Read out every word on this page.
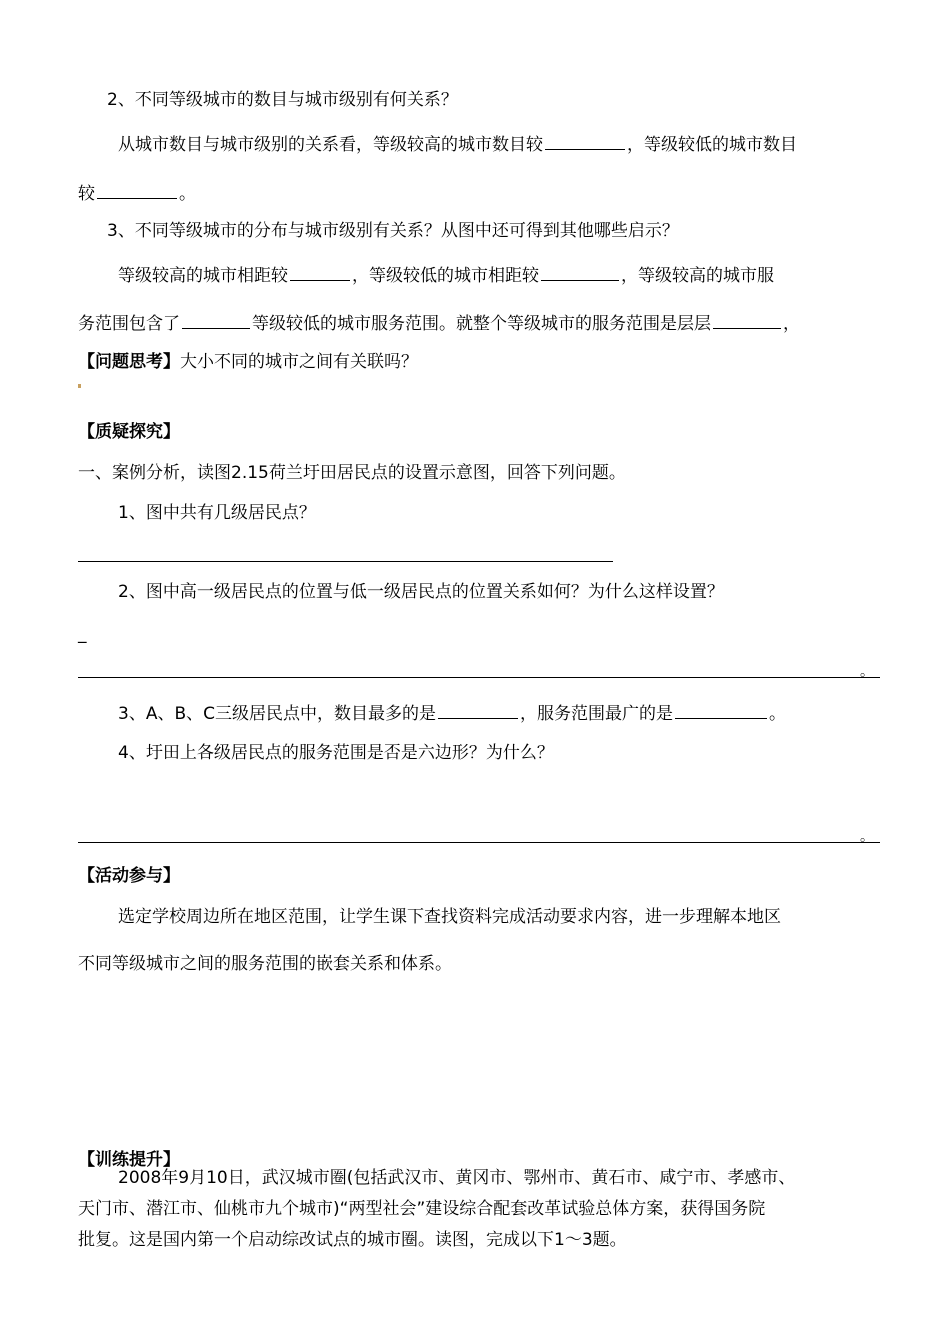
2、不同等级城市的数目与城市级别有何关系？
从城市数目与城市级别的关系看，等级较高的城市数目较	，等级较低的城市数目
较	。
3、不同等级城市的分布与城市级别有关系？从图中还可得到其他哪些启示？
等级较高的城市相距较	，等级较低的城市相距较	，等级较高的城市服
务范围包含了	等级较低的城市服务范围。就整个等级城市的服务范围是层层	，
【问题思考】大小不同的城市之间有关联吗？
【质疑探究】
一、案例分析，读图2.15荷兰圩田居民点的设置示意图，回答下列问题。
1、图中共有几级居民点？
2、图中高一级居民点的位置与低一级居民点的位置关系如何？为什么这样设置？
_
。
3、A、B、C三级居民点中，数目最多的是	，服务范围最广的是	。
4、圩田上各级居民点的服务范围是否是六边形？为什么？
。
【活动参与】
选定学校周边所在地区范围，让学生课下查找资料完成活动要求内容，进一步理解本地区
不同等级城市之间的服务范围的嵌套关系和体系。
【训练提升】
2008年9月10日，武汉城市圈(包括武汉市、黄冈市、鄂州市、黄石市、咸宁市、孝感市、
天门市、潜江市、仙桃市九个城市)“两型社会”建设综合配套改革试验总体方案，获得国务院
批复。这是国内第一个启动综改试点的城市圈。读图，完成以下1～3题。
